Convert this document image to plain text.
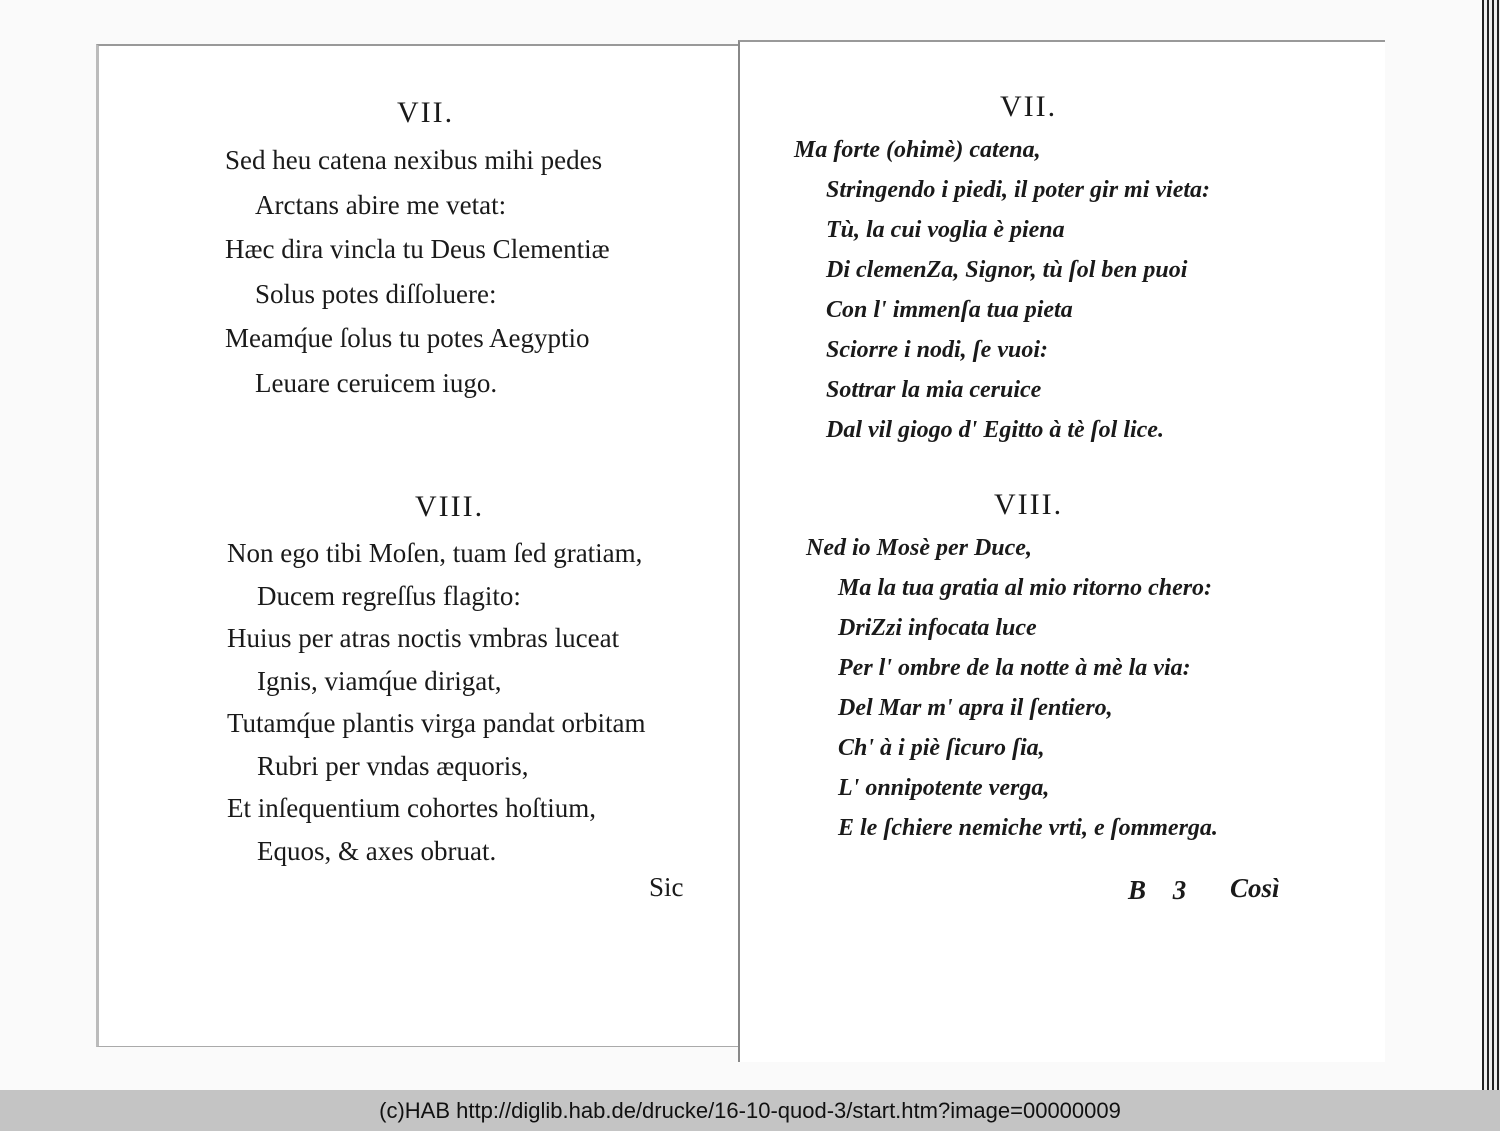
VII.
Sed heu catena nexibus mihi pedes
Arctans abire me vetat:
Hæc dira vincla tu Deus Clementiæ
Solus potes diſſoluere:
Meamq́ue ſolus tu potes Aegyptio
Leuare ceruicem iugo.
VIII.
Non ego tibi Moſen, tuam ſed gratiam,
Ducem regreſſus flagito:
Huius per atras noctis vmbras luceat
Ignis, viamq́ue dirigat,
Tutamq́ue plantis virga pandat orbitam
Rubri per vndas æquoris,
Et inſequentium cohortes hoſtium,
Equos, & axes obruat.
Sic
VII.
Ma forte (ohimè) catena,
Stringendo i piedi, il poter gir mi vieta:
Tù, la cui voglia è piena
Di clemenZa, Signor, tù ſol ben puoi
Con l' immenſa tua pieta
Sciorre i nodi, ſe vuoi:
Sottrar la mia ceruice
Dal vil giogo d' Egitto à tè ſol lice.
VIII.
Ned io Mosè per Duce,
Ma la tua gratia al mio ritorno chero:
DriZzi infocata luce
Per l' ombre de la notte à mè la via:
Del Mar m' apra il ſentiero,
Ch' à i piè ſicuro ſia,
L' onnipotente verga,
E le ſchiere nemiche vrti, e ſommerga.
B 3 Così
(c)HAB http://diglib.hab.de/drucke/16-10-quod-3/start.htm?image=00000009
